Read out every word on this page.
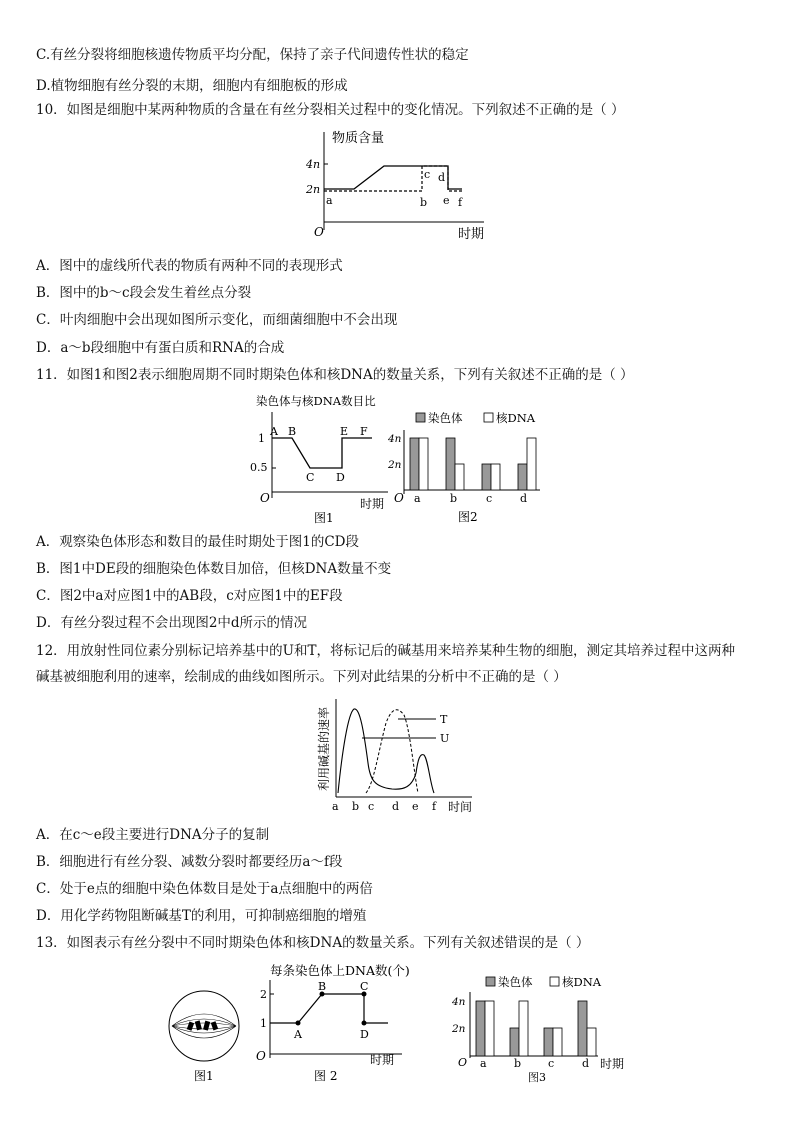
C.有丝分裂将细胞核遗传物质平均分配，保持了亲子代间遗传性状的稳定
D.植物细胞有丝分裂的末期，细胞内有细胞板的形成
10．如图是细胞中某两种物质的含量在有丝分裂相关过程中的变化情况。下列叙述不正确的是（ ）
物质含量
4n
2n
O	时期
a	b
c d
e f
A．图中的虚线所代表的物质有两种不同的表现形式
B．图中的b～c段会发生着丝点分裂
C．叶肉细胞中会出现如图所示变化，而细菌细胞中不会出现
D．a～b段细胞中有蛋白质和RNA的合成
11．如图1和图2表示细胞周期不同时期染色体和核DNA的数量关系，下列有关叙述不正确的是（ ）
染色体与核DNA数目比
1
0.5
A B
C D
E F
O	时期
图1
染色体	核DNA
4n
2n
O a	b	c	d
图2
A．观察染色体形态和数目的最佳时期处于图1的CD段
B．图1中DE段的细胞染色体数目加倍，但核DNA数量不变
C．图2中a对应图1中的AB段，c对应图1中的EF段
D．有丝分裂过程不会出现图2中d所示的情况
12．用放射性同位素分别标记培养基中的U和T，将标记后的碱基用来培养某种生物的细胞，测定其培养过程中这两种
碱基被细胞利用的速率，绘制成的曲线如图所示。下列对此结果的分析中不正确的是（ ）
利用碱基的速率	T
U
a b c d e f 时间
A．在c～e段主要进行DNA分子的复制
B．细胞进行有丝分裂、减数分裂时都要经历a～f段
C．处于e点的细胞中染色体数目是处于a点细胞中的两倍
D．用化学药物阻断碱基T的利用，可抑制癌细胞的增殖
13．如图表示有丝分裂中不同时期染色体和核DNA的数量关系。下列有关叙述错误的是（ ）
图1
每条染色体上DNA数(个)
2
1
A
B	C
D
O	时期
图 2
染色体	核DNA
4n
2n
O a b c	d 时期
图3
